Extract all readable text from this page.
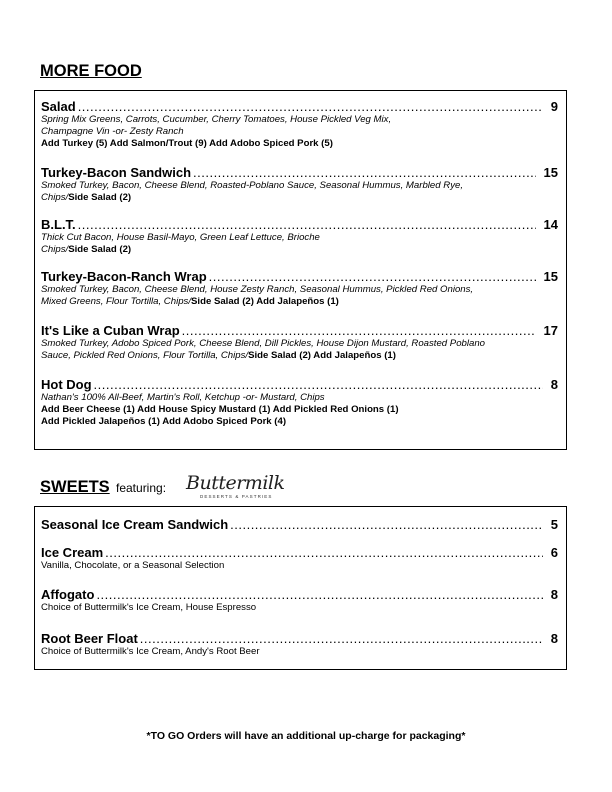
MORE FOOD
Salad .....	9
Spring Mix Greens, Carrots, Cucumber, Cherry Tomatoes, House Pickled Veg Mix,
Champagne Vin -or- Zesty Ranch
Add Turkey (5) Add Salmon/Trout (9) Add Adobo Spiced Pork (5)
Turkey-Bacon Sandwich .....	15
Smoked Turkey, Bacon, Cheese Blend, Roasted-Poblano Sauce, Seasonal Hummus, Marbled Rye,
Chips/Side Salad (2)
B.L.T. .....	14
Thick Cut Bacon, House Basil-Mayo, Green Leaf Lettuce, Brioche
Chips/Side Salad (2)
Turkey-Bacon-Ranch Wrap .....	15
Smoked Turkey, Bacon, Cheese Blend, House Zesty Ranch, Seasonal Hummus, Pickled Red Onions,
Mixed Greens, Flour Tortilla, Chips/Side Salad (2) Add Jalapeños (1)
It's Like a Cuban Wrap .....	17
Smoked Turkey, Adobo Spiced Pork, Cheese Blend, Dill Pickles, House Dijon Mustard, Roasted Poblano
Sauce, Pickled Red Onions, Flour Tortilla, Chips/Side Salad (2) Add Jalapeños (1)
Hot Dog .....	8
Nathan's 100% All-Beef, Martin's Roll, Ketchup -or- Mustard, Chips
Add Beer Cheese (1) Add House Spicy Mustard (1) Add Pickled Red Onions (1)
Add Pickled Jalapeños (1) Add Adobo Spiced Pork (4)
SWEETS featuring: Buttermilk
DESSERTS & PASTRIES
Seasonal Ice Cream Sandwich .....	5
Ice Cream .....	6
Vanilla, Chocolate, or a Seasonal Selection
Affogato .....	8
Choice of Buttermilk's Ice Cream, House Espresso
Root Beer Float .....	8
Choice of Buttermilk's Ice Cream, Andy's Root Beer
*TO GO Orders will have an additional up-charge for packaging*
